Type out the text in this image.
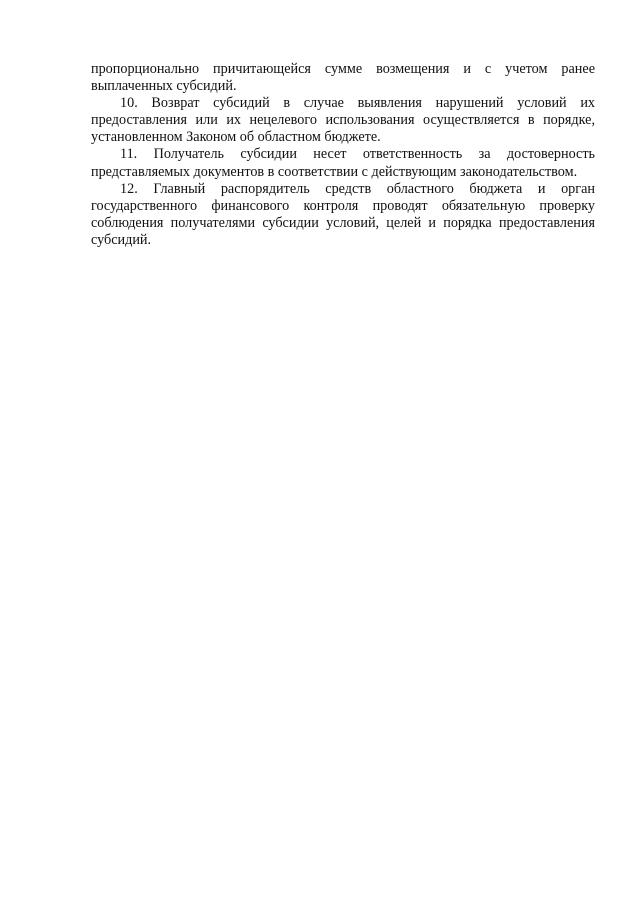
пропорционально причитающейся сумме возмещения и с учетом ранее выплаченных субсидий.

10. Возврат субсидий в случае выявления нарушений условий их предоставления или их нецелевого использования осуществляется в порядке, установленном Законом об областном бюджете.

11. Получатель субсидии несет ответственность за достоверность представляемых документов в соответствии с действующим законодательством.

12. Главный распорядитель средств областного бюджета и орган государственного финансового контроля проводят обязательную проверку соблюдения получателями субсидии условий, целей и порядка предоставления субсидий.
